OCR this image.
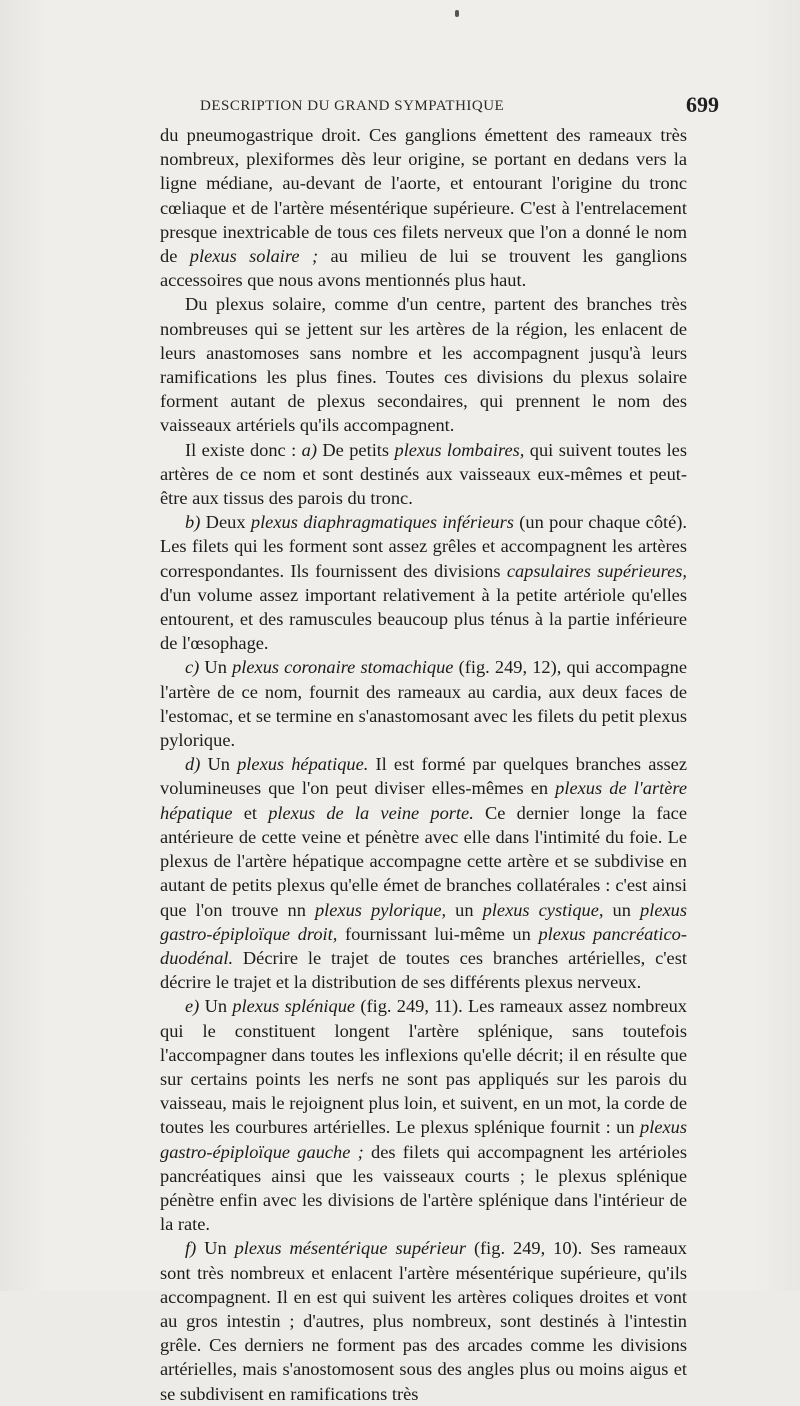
DESCRIPTION DU GRAND SYMPATHIQUE	699

du pneumogastrique droit. Ces ganglions émettent des rameaux très nombreux, plexiformes dès leur origine, se portant en dedans vers la ligne médiane, au-devant de l'aorte, et entourant l'origine du tronc cœliaque et de l'artère mésentérique supérieure. C'est à l'entrelacement presque inextricable de tous ces filets nerveux que l'on a donné le nom de plexus solaire ; au milieu de lui se trouvent les ganglions accessoires que nous avons mentionnés plus haut.

Du plexus solaire, comme d'un centre, partent des branches très nombreuses qui se jettent sur les artères de la région, les enlacent de leurs anastomoses sans nombre et les accompagnent jusqu'à leurs ramifications les plus fines. Toutes ces divisions du plexus solaire forment autant de plexus secondaires, qui prennent le nom des vaisseaux artériels qu'ils accompagnent.

Il existe donc : a) De petits plexus lombaires, qui suivent toutes les artères de ce nom et sont destinés aux vaisseaux eux-mêmes et peut-être aux tissus des parois du tronc.

b) Deux plexus diaphragmatiques inférieurs (un pour chaque côté). Les filets qui les forment sont assez grêles et accompagnent les artères correspondantes. Ils fournissent des divisions capsulaires supérieures, d'un volume assez important relativement à la petite artériole qu'elles entourent, et des ramuscules beaucoup plus ténus à la partie inférieure de l'œsophage.

c) Un plexus coronaire stomachique (fig. 249, 12), qui accompagne l'artère de ce nom, fournit des rameaux au cardia, aux deux faces de l'estomac, et se termine en s'anastomosant avec les filets du petit plexus pylorique.

d) Un plexus hépatique. Il est formé par quelques branches assez volumineuses que l'on peut diviser elles-mêmes en plexus de l'artère hépatique et plexus de la veine porte. Ce dernier longe la face antérieure de cette veine et pénètre avec elle dans l'intimité du foie. Le plexus de l'artère hépatique accompagne cette artère et se subdivise en autant de petits plexus qu'elle émet de branches collatérales : c'est ainsi que l'on trouve nn plexus pylorique, un plexus cystique, un plexus gastro-épiploïque droit, fournissant lui-même un plexus pancréatico-duodénal. Décrire le trajet de toutes ces branches artérielles, c'est décrire le trajet et la distribution de ses différents plexus nerveux.

e) Un plexus splénique (fig. 249, 11). Les rameaux assez nombreux qui le constituent longent l'artère splénique, sans toutefois l'accompagner dans toutes les inflexions qu'elle décrit; il en résulte que sur certains points les nerfs ne sont pas appliqués sur les parois du vaisseau, mais le rejoignent plus loin, et suivent, en un mot, la corde de toutes les courbures artérielles. Le plexus splénique fournit : un plexus gastro-épiploïque gauche ; des filets qui accompagnent les artérioles pancréatiques ainsi que les vaisseaux courts ; le plexus splénique pénètre enfin avec les divisions de l'artère splénique dans l'intérieur de la rate.

f) Un plexus mésentérique supérieur (fig. 249, 10). Ses rameaux sont très nombreux et enlacent l'artère mésentérique supérieure, qu'ils accompagnent. Il en est qui suivent les artères coliques droites et vont au gros intestin ; d'autres, plus nombreux, sont destinés à l'intestin grêle. Ces derniers ne forment pas des arcades comme les divisions artérielles, mais s'anostomosent sous des angles plus ou moins aigus et se subdivisent en ramifications très
